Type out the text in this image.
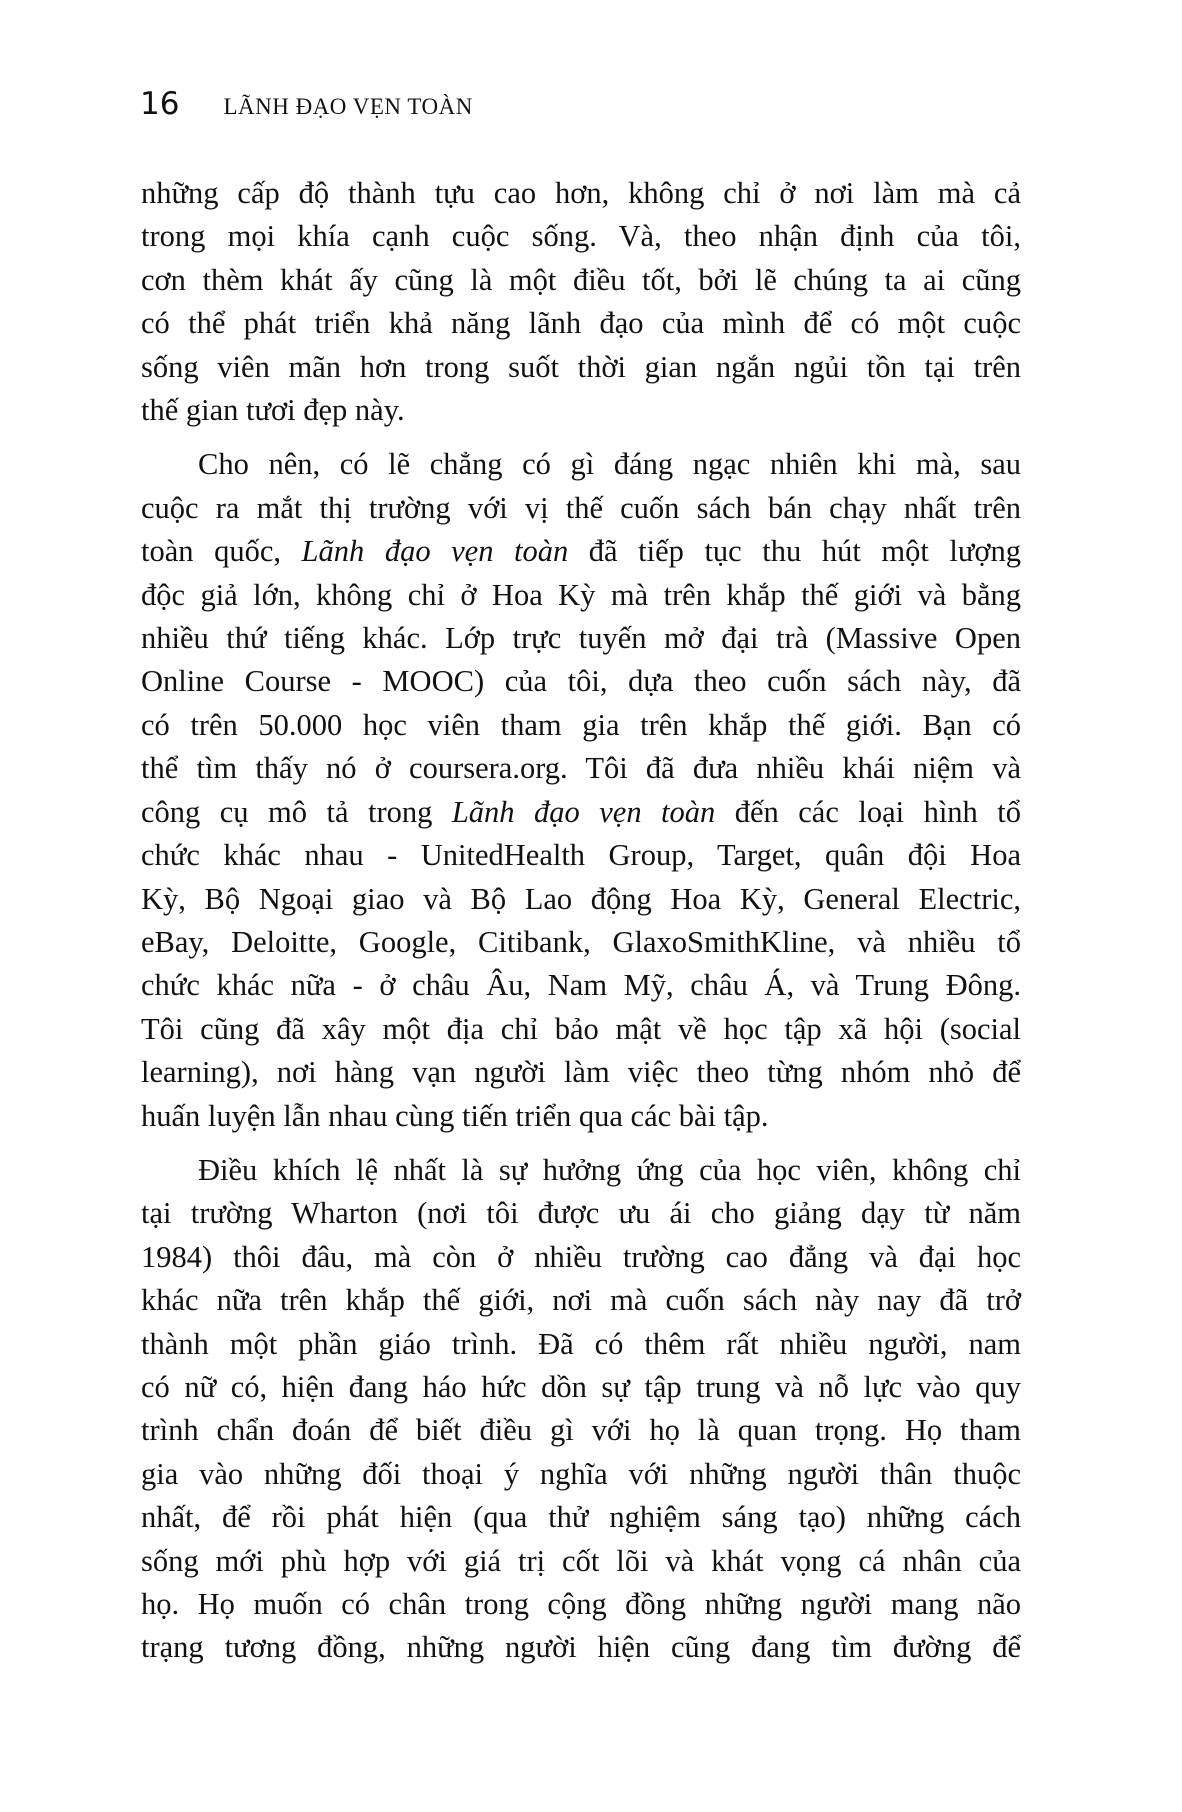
16 LÃNH ĐẠO VẸN TOÀN

những cấp độ thành tựu cao hơn, không chỉ ở nơi làm mà cả
trong mọi khía cạnh cuộc sống. Và, theo nhận định của tôi,
cơn thèm khát ấy cũng là một điều tốt, bởi lẽ chúng ta ai cũng
có thể phát triển khả năng lãnh đạo của mình để có một cuộc
sống viên mãn hơn trong suốt thời gian ngắn ngủi tồn tại trên
thế gian tươi đẹp này.

Cho nên, có lẽ chẳng có gì đáng ngạc nhiên khi mà, sau
cuộc ra mắt thị trường với vị thế cuốn sách bán chạy nhất trên
toàn quốc, Lãnh đạo vẹn toàn đã tiếp tục thu hút một lượng
độc giả lớn, không chỉ ở Hoa Kỳ mà trên khắp thế giới và bằng
nhiều thứ tiếng khác. Lớp trực tuyến mở đại trà (Massive Open
Online Course - MOOC) của tôi, dựa theo cuốn sách này, đã
có trên 50.000 học viên tham gia trên khắp thế giới. Bạn có
thể tìm thấy nó ở coursera.org. Tôi đã đưa nhiều khái niệm và
công cụ mô tả trong Lãnh đạo vẹn toàn đến các loại hình tổ
chức khác nhau - UnitedHealth Group, Target, quân đội Hoa
Kỳ, Bộ Ngoại giao và Bộ Lao động Hoa Kỳ, General Electric,
eBay, Deloitte, Google, Citibank, GlaxoSmithKline, và nhiều tổ
chức khác nữa - ở châu Âu, Nam Mỹ, châu Á, và Trung Đông.
Tôi cũng đã xây một địa chỉ bảo mật về học tập xã hội (social
learning), nơi hàng vạn người làm việc theo từng nhóm nhỏ để
huấn luyện lẫn nhau cùng tiến triển qua các bài tập.

Điều khích lệ nhất là sự hưởng ứng của học viên, không chỉ
tại trường Wharton (nơi tôi được ưu ái cho giảng dạy từ năm
1984) thôi đâu, mà còn ở nhiều trường cao đẳng và đại học
khác nữa trên khắp thế giới, nơi mà cuốn sách này nay đã trở
thành một phần giáo trình. Đã có thêm rất nhiều người, nam
có nữ có, hiện đang háo hức dồn sự tập trung và nỗ lực vào quy
trình chẩn đoán để biết điều gì với họ là quan trọng. Họ tham
gia vào những đối thoại ý nghĩa với những người thân thuộc
nhất, để rồi phát hiện (qua thử nghiệm sáng tạo) những cách
sống mới phù hợp với giá trị cốt lõi và khát vọng cá nhân của
họ. Họ muốn có chân trong cộng đồng những người mang não
trạng tương đồng, những người hiện cũng đang tìm đường để
